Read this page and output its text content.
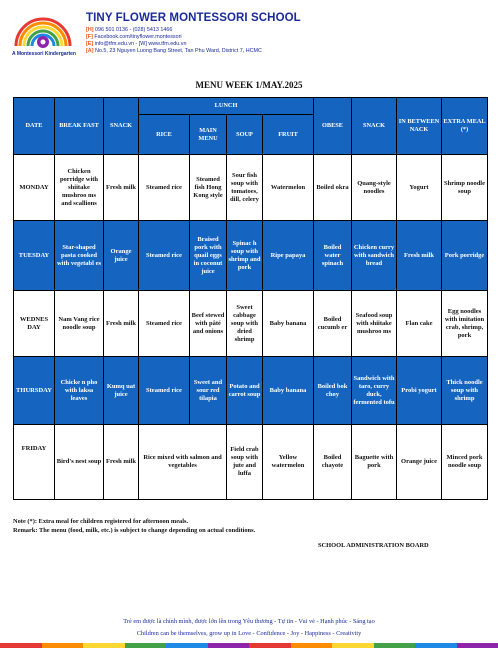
A Montessori Kindergarten
TINY FLOWER MONTESSORI SCHOOL
[H] 096 501 0136 - (028) 5413 1466
[F] Facebook.com/tinyflower.montessori
[E] info@tfm.edu.vn - [W] www.tfm.edu.vn
[A] No.5, 23 Nguyen Luong Bang Street, Tan Phu Ward, District 7, HCMC
MENU WEEK 1/MAY.2025
DATE	BREAK FAST	SNACK	LUNCH				OBESE	SNACK	IN BETWEEN NACK	EXTRA MEAL (*)
			RICE	MAIN MENU	SOUP	FRUIT				
MONDAY	Chicken porridge with shiitake mushroo ms and scallions	Fresh milk	Steamed rice	Steamed fish Hong Kong style	Sour fish soup with tomatoes, dill, celery	Watermelon	Boiled okra	Quang-style noodles	Yogurt	Shrimp noodle soup
TUESDAY	Star-shaped pasta cooked with vegetabl es	Orange juice	Steamed rice	Braised pork with quail eggs in coconut juice	Spinac h soup with shrimp and pork	Ripe papaya	Boiled water spinach	Chicken curry with sandwich bread	Fresh milk	Pork porridge
WEDNES DAY	Nam Vang rice noodle soup	Fresh milk	Steamed rice	Beef stewed with pâté and onions	Sweet cabbage soup with dried shrimp	Baby banana	Boiled cucumb er	Seafood soup with shiitake mushroo ms	Flan cake	Egg noodles with imitation crab, shrimp, pork
THURSDAY	Chicke n pho with laksa leaves	Kumq uat juice	Steamed rice	Sweet and sour red tilapia	Potato and carrot soup	Baby banana	Boiled bok choy	Sandwich with taro, curry duck, fermented tofu	Probi yogurt	Thick noodle soup with shrimp
FRIDAY	Bird's nest soup	Fresh milk	Rice mixed with salmon and vegetables		Field crab soup with jute and luffa	Yellow watermelon	Boiled chayote	Baguette with pork	Orange juice	Minced pork noodle soup
Note (*): Extra meal for children registered for afternoon meals.
Remark: The menu (food, milk, etc.) is subject to change depending on actual conditions.
SCHOOL ADMINISTRATION BOARD
Trẻ em được là chính mình, được lớn lên trong Yêu thương - Tự tin - Vui vẻ - Hạnh phúc - Sáng tạo
Children can be themselves, grow up in Love - Confidence - Joy - Happiness - Creativity
